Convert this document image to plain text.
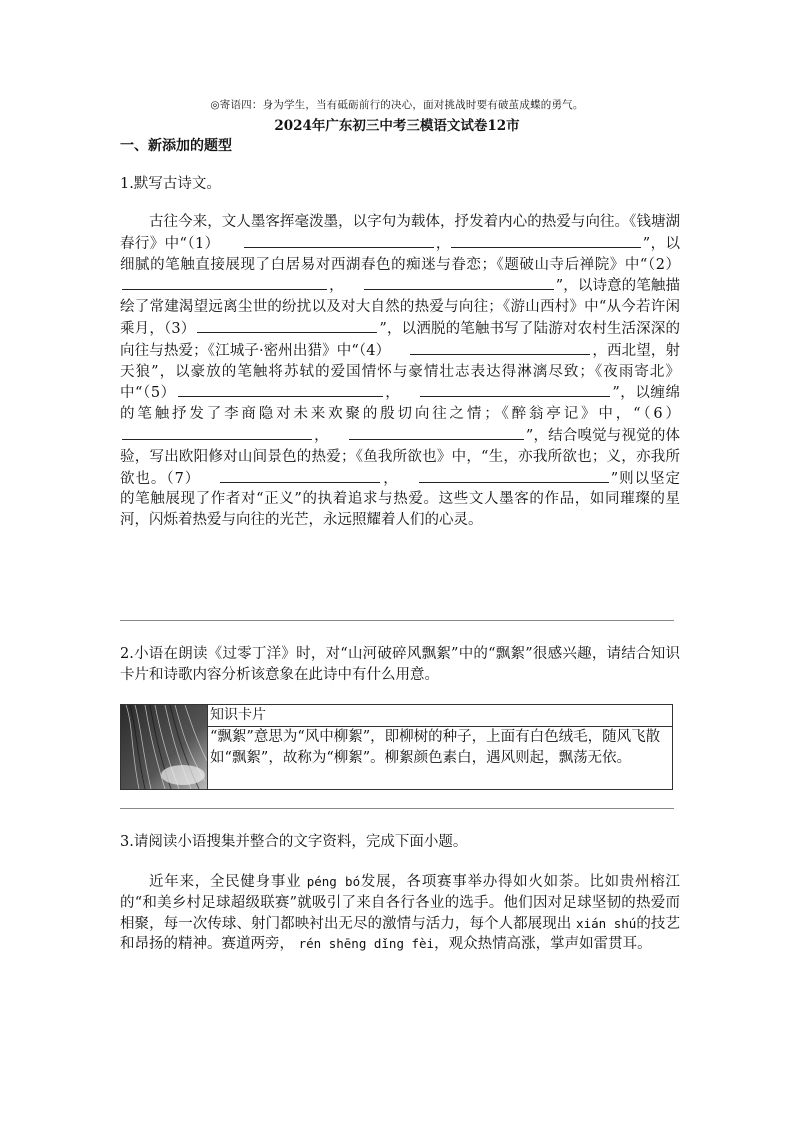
◎寄语四：身为学生，当有砥砺前行的决心，面对挑战时要有破茧成蝶的勇气。
2024年广东初三中考三模语文试卷12市
一、新添加的题型
1.默写古诗文。

古往今来，文人墨客挥毫泼墨，以字句为载体，抒发着内心的热爱与向往。《钱塘湖春行》中“（1）	，	”，以细腻的笔触直接展现了白居易对西湖春色的痴迷与眷恋；《题破山寺后禅院》中“（2），	”，以诗意的笔触描绘了常建渴望远离尘世的纷扰以及对大自然的热爱与向往；《游山西村》中“从今若许闲乘月，（3）	”，以洒脱的笔触书写了陆游对农村生活深深的向往与热爱；《江城子·密州出猎》中“（4）	，西北望，射天狼”，以豪放的笔触将苏轼的爱国情怀与豪情壮志表达得淋漓尽致；《夜雨寄北》中“（5）	，	”，以缠绵的笔触抒发了李商隐对未来欢聚的殷切向往之情；《醉翁亭记》中，“（6），	”，结合嗅觉与视觉的体验，写出欧阳修对山间景色的热爱；《鱼我所欲也》中，“生，亦我所欲也；义，亦我所欲也。（7）	，	”则以坚定的笔触展现了作者对“正义”的执着追求与热爱。这些文人墨客的作品，如同璀璨的星河，闪烁着热爱与向往的光芒，永远照耀着人们的心灵。

2.小语在朗读《过零丁洋》时，对“山河破碎风飘絮”中的“飘絮”很感兴趣，请结合知识卡片和诗歌内容分析该意象在此诗中有什么用意。

知识卡片
“飘絮”意思为“风中柳絮”，即柳树的种子，上面有白色绒毛，随风飞散如“飘絮”，故称为“柳絮”。柳絮颜色素白，遇风则起，飘荡无依。
3.请阅读小语搜集并整合的文字资料，完成下面小题。

近年来，全民健身事业 péng bó发展，各项赛事举办得如火如荼。比如贵州榕江的“和美乡村足球超级联赛”就吸引了来自各行各业的选手。他们因对足球坚韧的热爱而相聚，每一次传球、射门都映衬出无尽的激情与活力，每个人都展现出 xián shú的技艺和昂扬的精神。赛道两旁， rén shēng dǐng fèi，观众热情高涨，掌声如雷贯耳。
